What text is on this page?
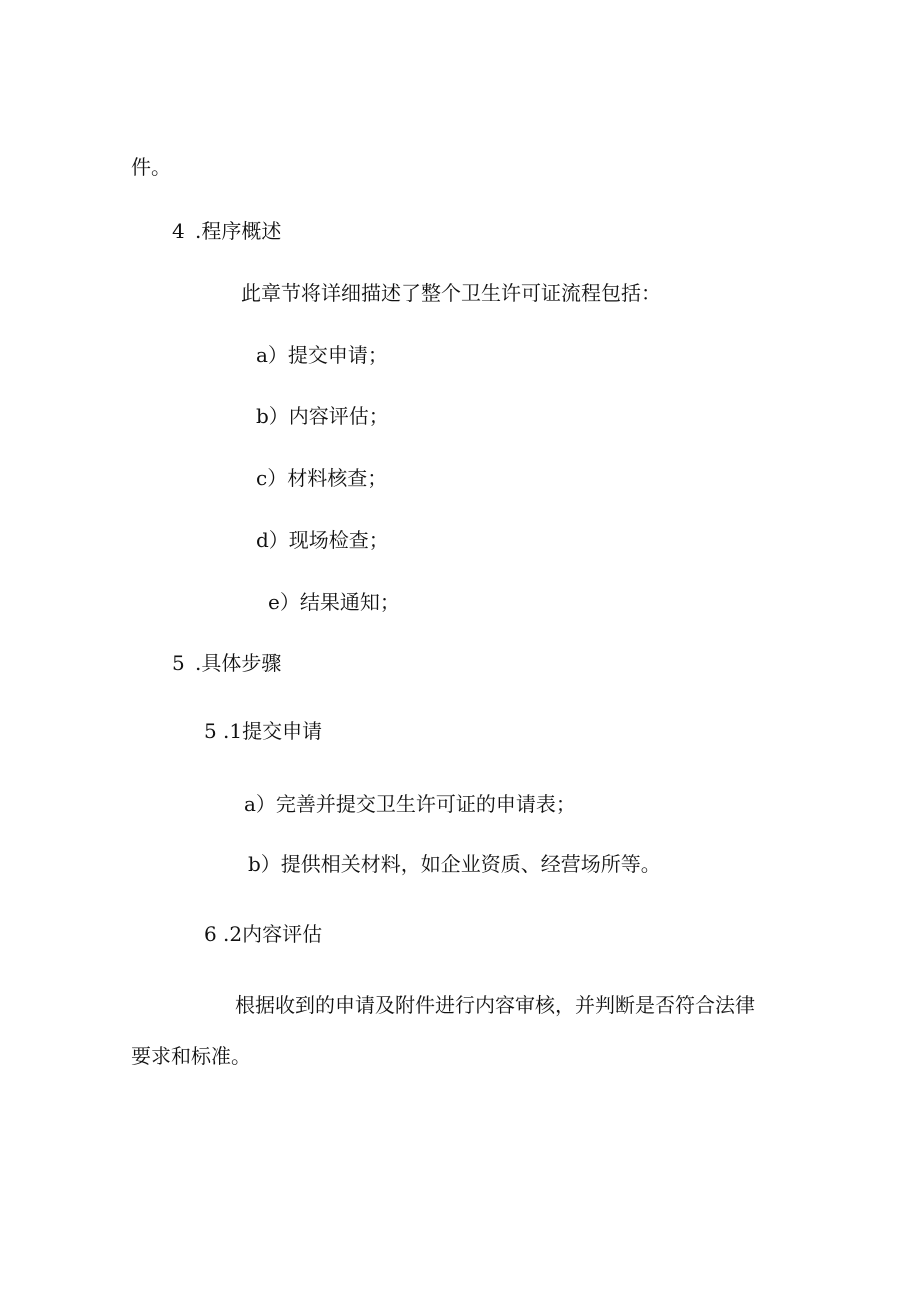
件。
4 .程序概述
此章节将详细描述了整个卫生许可证流程包括：
a）提交申请；
b）内容评估；
c）材料核查；
d）现场检查；
e）结果通知；
5 .具体步骤
5 .1提交申请
a）完善并提交卫生许可证的申请表；
b）提供相关材料，如企业资质、经营场所等。
6 .2内容评估
根据收到的申请及附件进行内容审核，并判断是否符合法律
要求和标准。
